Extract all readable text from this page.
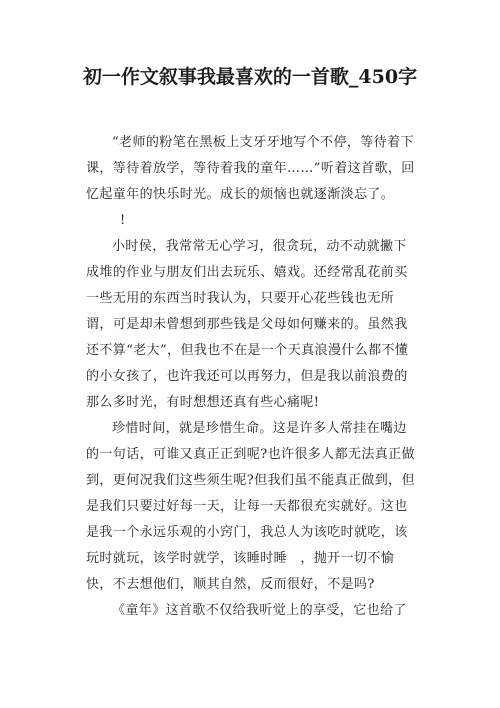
初一作文叙事我最喜欢的一首歌_450字

“老师的粉笔在黑板上支牙牙地写个不停，等待着下课，等待着放学，等待着我的童年……”听着这首歌，回忆起童年的快乐时光。成长的烦恼也就逐渐淡忘了。

!

小时侯，我常常无心学习，很贪玩，动不动就撇下成堆的作业与朋友们出去玩乐、嬉戏。还经常乱花前买一些无用的东西当时我认为，只要开心花些钱也无所谓，可是却未曾想到那些钱是父母如何赚来的。虽然我还不算“老大”，但我也不在是一个天真浪漫什么都不懂的小女孩了，也许我还可以再努力，但是我以前浪费的那么多时光，有时想想还真有些心痛呢!

珍惜时间，就是珍惜生命。这是许多人常挂在嘴边的一句话，可谁又真正正到呢?也许很多人都无法真正做到，更何况我们这些须生呢?但我们虽不能真正做到，但是我们只要过好每一天，让每一天都很充实就好。这也是我一个永远乐观的小窍门，我总人为该吃时就吃，该玩时就玩，该学时就学，该睡时睡　，抛开一切不愉快，不去想他们，顺其自然，反而很好，不是吗?

《童年》这首歌不仅给我听觉上的享受，它也给了
